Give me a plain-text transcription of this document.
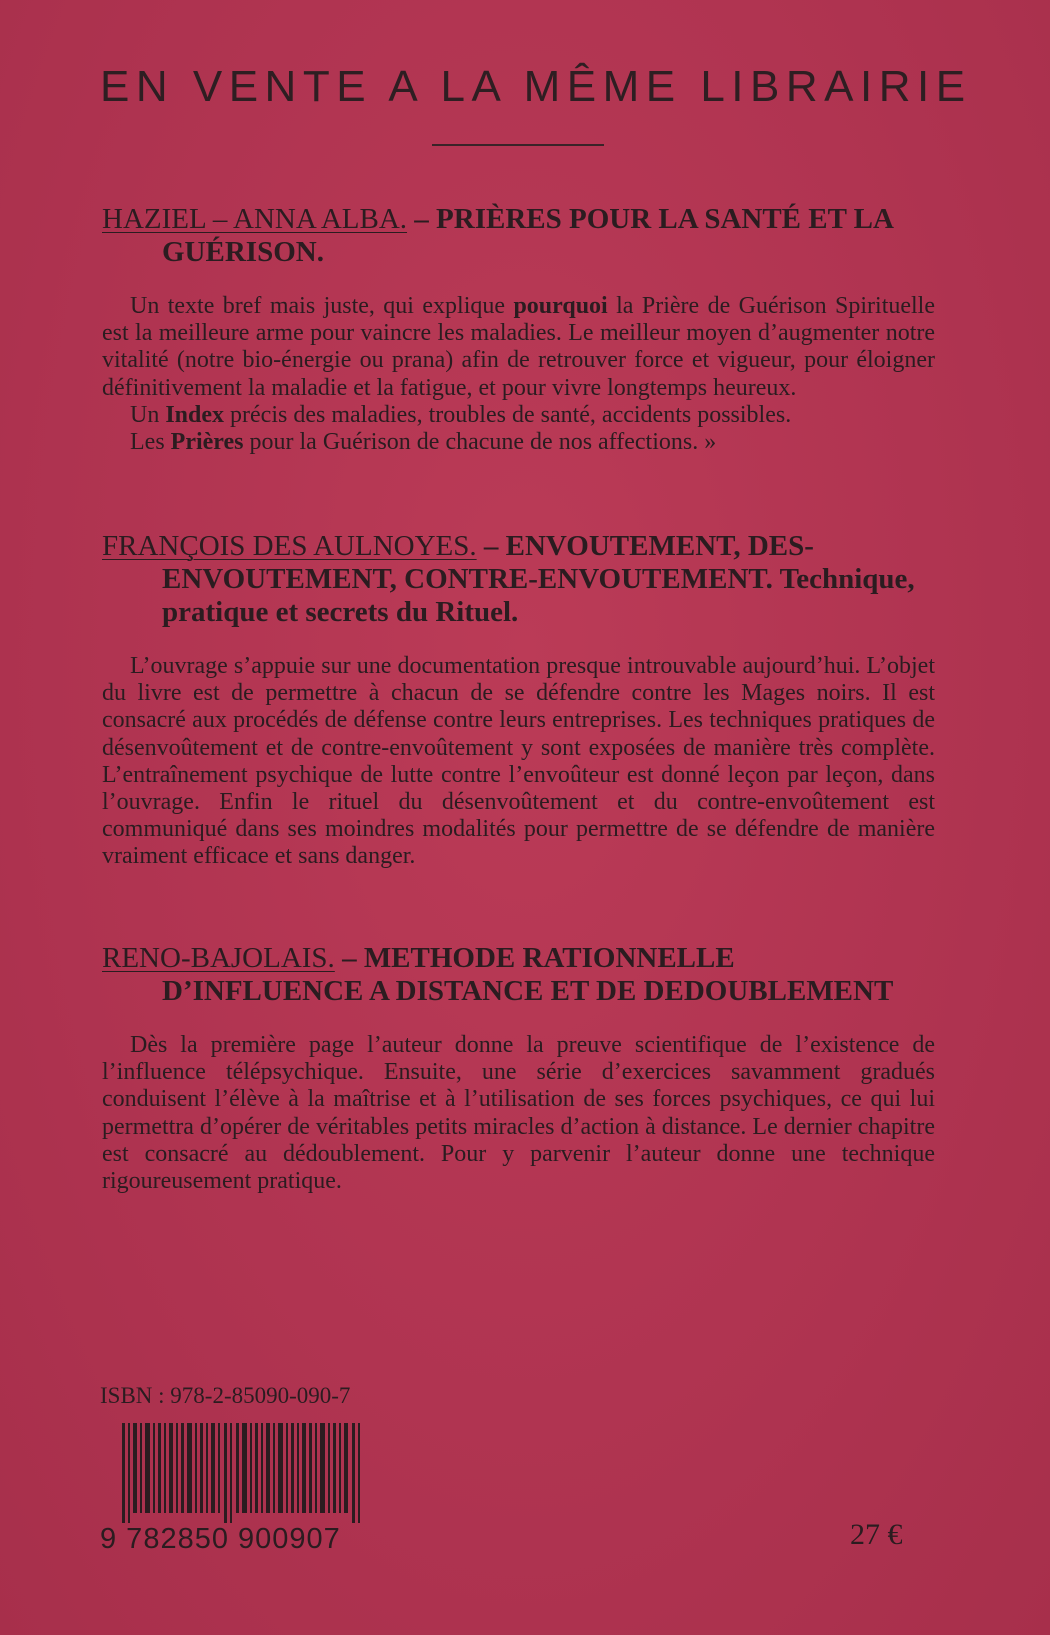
EN VENTE A LA MÊME LIBRAIRIE

HAZIEL – ANNA ALBA. – PRIÈRES POUR LA SANTÉ ET LA GUÉRISON.

Un texte bref mais juste, qui explique pourquoi la Prière de Guérison Spirituelle est la meilleure arme pour vaincre les maladies. Le meilleur moyen d’augmenter notre vitalité (notre bio-énergie ou prana) afin de retrouver force et vigueur, pour éloigner définitivement la maladie et la fatigue, et pour vivre longtemps heureux.

Un Index précis des maladies, troubles de santé, accidents possibles.

Les Prières pour la Guérison de chacune de nos affections. »

FRANÇOIS DES AULNOYES. – ENVOUTEMENT, DES-ENVOUTEMENT, CONTRE-ENVOUTEMENT. Technique, pratique et secrets du Rituel.

L’ouvrage s’appuie sur une documentation presque introuvable aujourd’hui. L’objet du livre est de permettre à chacun de se défendre contre les Mages noirs. Il est consacré aux procédés de défense contre leurs entreprises. Les techniques pratiques de désenvoûtement et de contre-envoûtement y sont exposées de manière très complète. L’entraînement psychique de lutte contre l’envoûteur est donné leçon par leçon, dans l’ouvrage. Enfin le rituel du désenvoûtement et du contre-envoûtement est communiqué dans ses moindres modalités pour permettre de se défendre de manière vraiment efficace et sans danger.

RENO-BAJOLAIS. – METHODE RATIONNELLE D’INFLUENCE A DISTANCE ET DE DEDOUBLEMENT

Dès la première page l’auteur donne la preuve scientifique de l’existence de l’influence télépsychique. Ensuite, une série d’exercices savamment gradués conduisent l’élève à la maîtrise et à l’utilisation de ses forces psychiques, ce qui lui permettra d’opérer de véritables petits miracles d’action à distance. Le dernier chapitre est consacré au dédoublement. Pour y parvenir l’auteur donne une technique rigoureusement pratique.

ISBN : 978-2-85090-090-7
9 782850 900907	27 €
